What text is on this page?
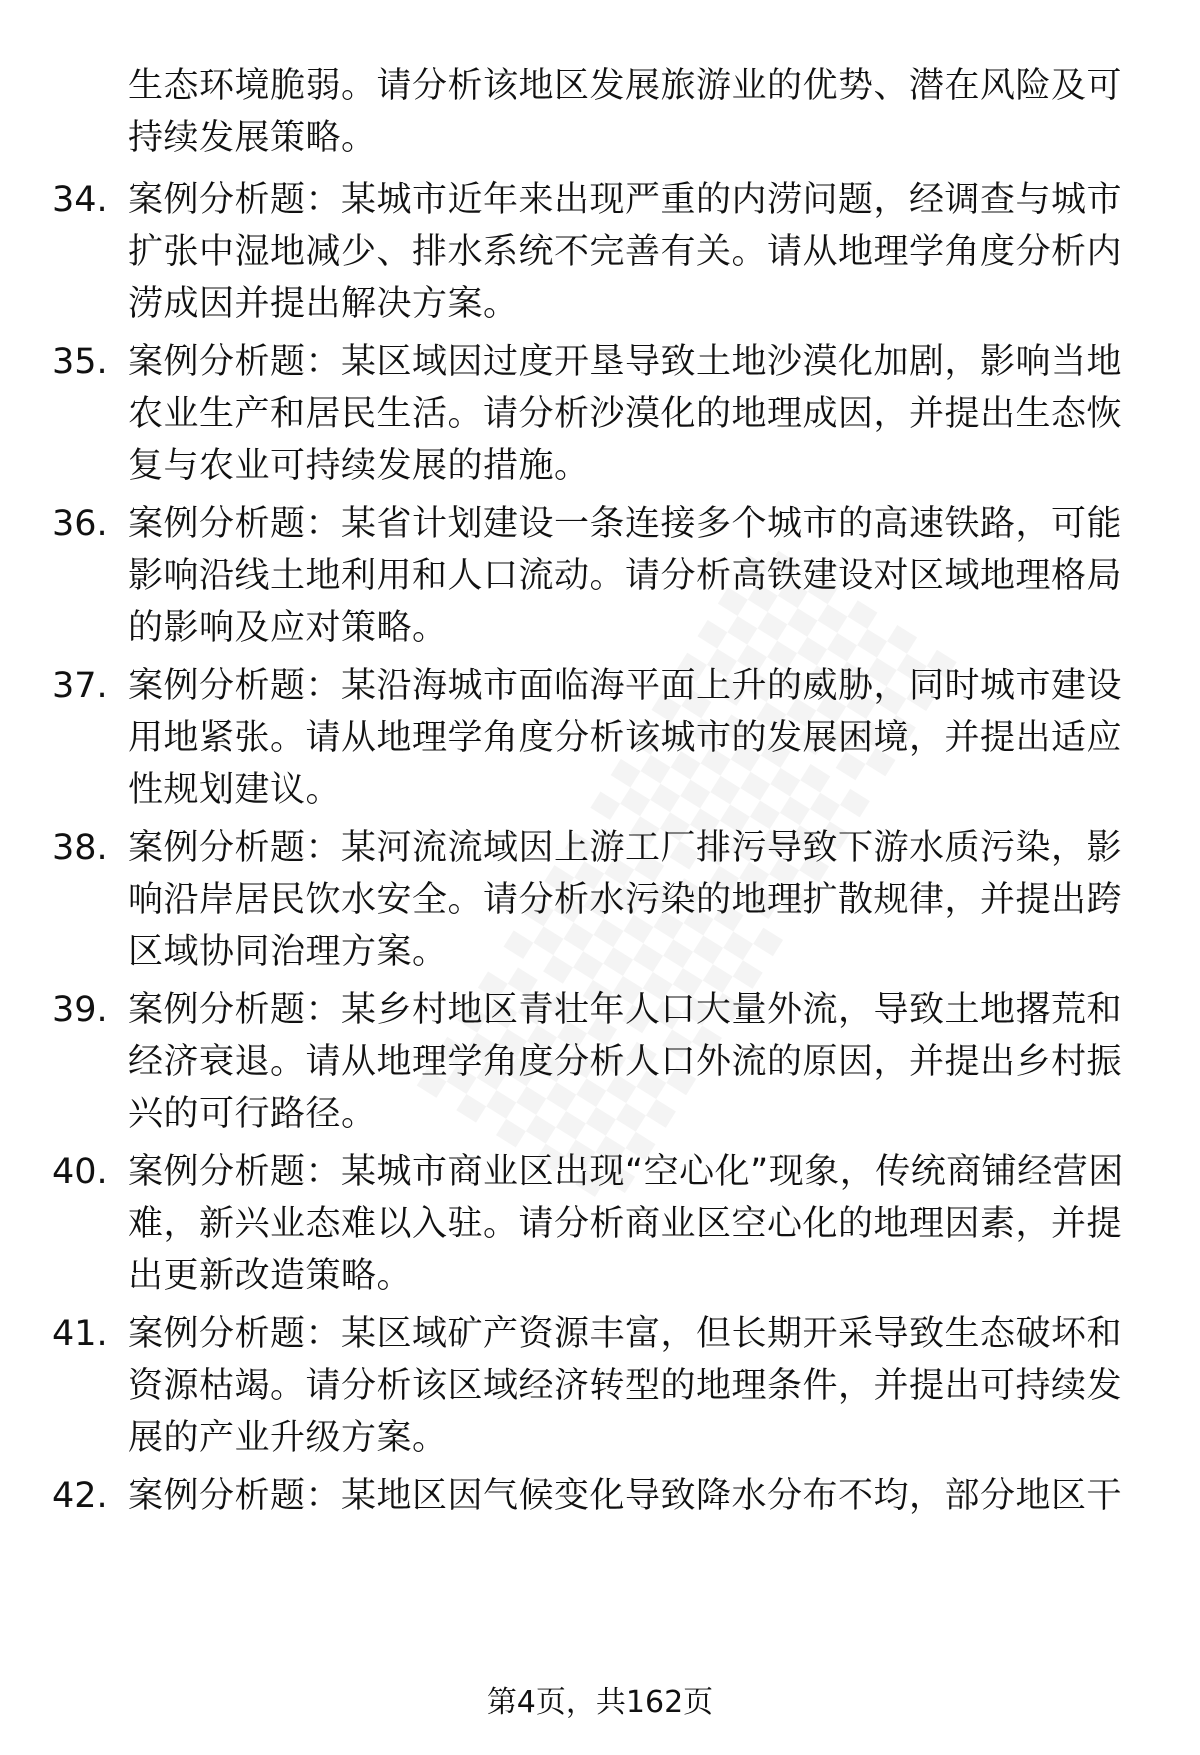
生态环境脆弱。请分析该地区发展旅游业的优势、潜在风险及可持续发展策略。
34. 案例分析题：某城市近年来出现严重的内涝问题，经调查与城市扩张中湿地减少、排水系统不完善有关。请从地理学角度分析内涝成因并提出解决方案。
35. 案例分析题：某区域因过度开垦导致土地沙漠化加剧，影响当地农业生产和居民生活。请分析沙漠化的地理成因，并提出生态恢复与农业可持续发展的措施。
36. 案例分析题：某省计划建设一条连接多个城市的高速铁路，可能影响沿线土地利用和人口流动。请分析高铁建设对区域地理格局的影响及应对策略。
37. 案例分析题：某沿海城市面临海平面上升的威胁，同时城市建设用地紧张。请从地理学角度分析该城市的发展困境，并提出适应性规划建议。
38. 案例分析题：某河流流域因上游工厂排污导致下游水质污染，影响沿岸居民饮水安全。请分析水污染的地理扩散规律，并提出跨区域协同治理方案。
39. 案例分析题：某乡村地区青壮年人口大量外流，导致土地撂荒和经济衰退。请从地理学角度分析人口外流的原因，并提出乡村振兴的可行路径。
40. 案例分析题：某城市商业区出现“空心化”现象，传统商铺经营困难，新兴业态难以入驻。请分析商业区空心化的地理因素，并提出更新改造策略。
41. 案例分析题：某区域矿产资源丰富，但长期开采导致生态破坏和资源枯竭。请分析该区域经济转型的地理条件，并提出可持续发展的产业升级方案。
42. 案例分析题：某地区因气候变化导致降水分布不均，部分地区干
第4页，共162页
